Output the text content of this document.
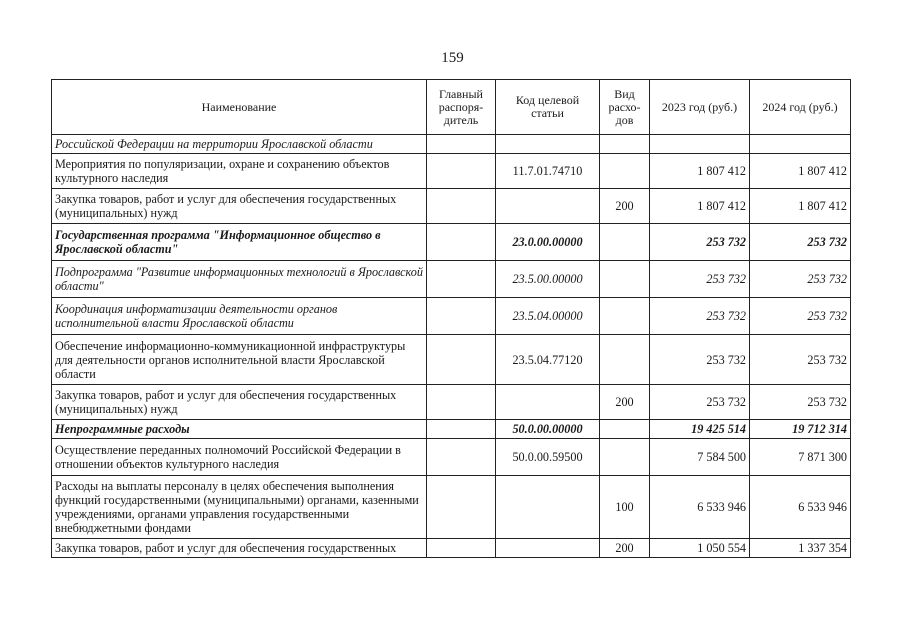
159
Наименование	Главный распоря-дитель	Код целевой статьи	Вид расхо-дов	2023 год (руб.)	2024 год (руб.)
Российской Федерации на территории Ярославской области					
Мероприятия по популяризации, охране и сохранению объектов культурного наследия		11.7.01.74710		1 807 412	1 807 412
Закупка товаров, работ и услуг для обеспечения государственных (муниципальных) нужд			200	1 807 412	1 807 412
Государственная программа "Информационное общество в Ярославской области"		23.0.00.00000		253 732	253 732
Подпрограмма "Развитие информационных технологий в Ярославской области"		23.5.00.00000		253 732	253 732
Координация информатизации деятельности органов исполнительной власти Ярославской области		23.5.04.00000		253 732	253 732
Обеспечение информационно-коммуникационной инфраструктуры для деятельности органов исполнительной власти Ярославской области		23.5.04.77120		253 732	253 732
Закупка товаров, работ и услуг для обеспечения государственных (муниципальных) нужд			200	253 732	253 732
Непрограммные расходы		50.0.00.00000		19 425 514	19 712 314
Осуществление переданных полномочий Российской Федерации в отношении объектов культурного наследия		50.0.00.59500		7 584 500	7 871 300
Расходы на выплаты персоналу в целях обеспечения выполнения функций государственными (муниципальными) органами, казенными учреждениями, органами управления государственными внебюджетными фондами			100	6 533 946	6 533 946
Закупка товаров, работ и услуг для обеспечения государственных			200	1 050 554	1 337 354
